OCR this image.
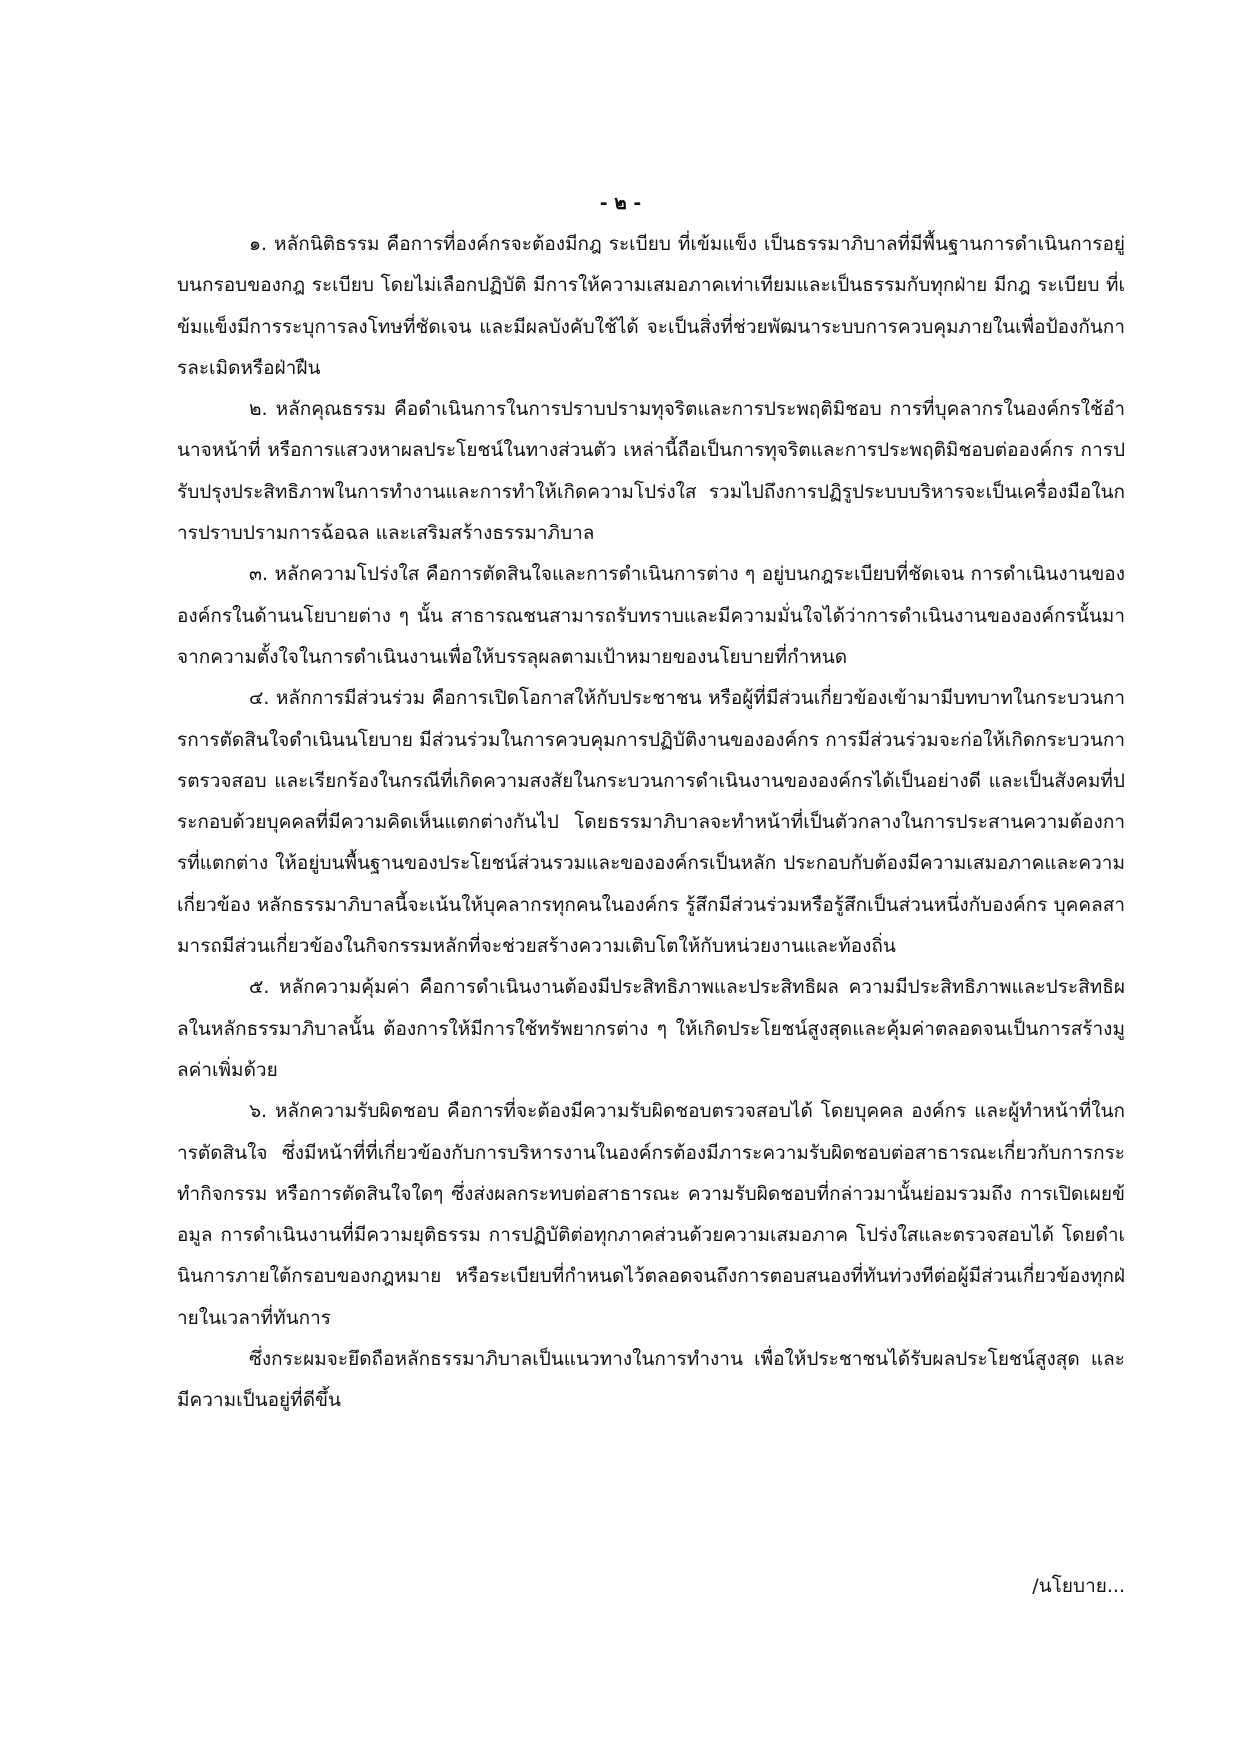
- ๒ -

๑. หลักนิติธรรม คือการที่องค์กรจะต้องมีกฎ ระเบียบ ที่เข้มแข็ง เป็นธรรมาภิบาลที่มีพื้นฐานการดำเนินการอยู่บนกรอบของกฎ ระเบียบ โดยไม่เลือกปฏิบัติ มีการให้ความเสมอภาคเท่าเทียมและเป็นธรรมกับทุกฝ่าย มีกฎ ระเบียบ ที่เข้มแข็งมีการระบุการลงโทษที่ชัดเจน และมีผลบังคับใช้ได้ จะเป็นสิ่งที่ช่วยพัฒนาระบบการควบคุมภายในเพื่อป้องกันการละเมิดหรือฝ่าฝืน

๒. หลักคุณธรรม คือดำเนินการในการปราบปรามทุจริตและการประพฤติมิชอบ การที่บุคลากรในองค์กรใช้อำนาจหน้าที่ หรือการแสวงหาผลประโยชน์ในทางส่วนตัว เหล่านี้ถือเป็นการทุจริตและการประพฤติมิชอบต่อองค์กร การปรับปรุงประสิทธิภาพในการทำงานและการทำให้เกิดความโปร่งใส รวมไปถึงการปฏิรูประบบบริหารจะเป็นเครื่องมือในการปราบปรามการฉ้อฉล และเสริมสร้างธรรมาภิบาล

๓. หลักความโปร่งใส คือการตัดสินใจและการดำเนินการต่าง ๆ อยู่บนกฎระเบียบที่ชัดเจน การดำเนินงานขององค์กรในด้านนโยบายต่าง ๆ นั้น สาธารณชนสามารถรับทราบและมีความมั่นใจได้ว่าการดำเนินงานขององค์กรนั้นมาจากความตั้งใจในการดำเนินงานเพื่อให้บรรลุผลตามเป้าหมายของนโยบายที่กำหนด

๔. หลักการมีส่วนร่วม คือการเปิดโอกาสให้กับประชาชน หรือผู้ที่มีส่วนเกี่ยวข้องเข้ามามีบทบาทในกระบวนการการตัดสินใจดำเนินนโยบาย มีส่วนร่วมในการควบคุมการปฏิบัติงานขององค์กร การมีส่วนร่วมจะก่อให้เกิดกระบวนการตรวจสอบ และเรียกร้องในกรณีที่เกิดความสงสัยในกระบวนการดำเนินงานขององค์กรได้เป็นอย่างดี และเป็นสังคมที่ประกอบด้วยบุคคลที่มีความคิดเห็นแตกต่างกันไป โดยธรรมาภิบาลจะทำหน้าที่เป็นตัวกลางในการประสานความต้องการที่แตกต่าง ให้อยู่บนพื้นฐานของประโยชน์ส่วนรวมและขององค์กรเป็นหลัก ประกอบกับต้องมีความเสมอภาคและความเกี่ยวข้อง หลักธรรมาภิบาลนี้จะเน้นให้บุคลากรทุกคนในองค์กร รู้สึกมีส่วนร่วมหรือรู้สึกเป็นส่วนหนึ่งกับองค์กร บุคคลสามารถมีส่วนเกี่ยวข้องในกิจกรรมหลักที่จะช่วยสร้างความเติบโตให้กับหน่วยงานและท้องถิ่น

๕. หลักความคุ้มค่า คือการดำเนินงานต้องมีประสิทธิภาพและประสิทธิผล ความมีประสิทธิภาพและประสิทธิผลในหลักธรรมาภิบาลนั้น ต้องการให้มีการใช้ทรัพยากรต่าง ๆ ให้เกิดประโยชน์สูงสุดและคุ้มค่าตลอดจนเป็นการสร้างมูลค่าเพิ่มด้วย

๖. หลักความรับผิดชอบ คือการที่จะต้องมีความรับผิดชอบตรวจสอบได้ โดยบุคคล องค์กร และผู้ทำหน้าที่ในการตัดสินใจ ซึ่งมีหน้าที่ที่เกี่ยวข้องกับการบริหารงานในองค์กรต้องมีภาระความรับผิดชอบต่อสาธารณะเกี่ยวกับการกระทำกิจกรรม หรือการตัดสินใจใดๆ ซึ่งส่งผลกระทบต่อสาธารณะ ความรับผิดชอบที่กล่าวมานั้นย่อมรวมถึง การเปิดเผยข้อมูล การดำเนินงานที่มีความยุติธรรม การปฏิบัติต่อทุกภาคส่วนด้วยความเสมอภาค โปร่งใสและตรวจสอบได้ โดยดำเนินการภายใต้กรอบของกฎหมาย หรือระเบียบที่กำหนดไว้ตลอดจนถึงการตอบสนองที่ทันท่วงทีต่อผู้มีส่วนเกี่ยวข้องทุกฝ่ายในเวลาที่ทันการ

ซึ่งกระผมจะยึดถือหลักธรรมาภิบาลเป็นแนวทางในการทำงาน เพื่อให้ประชาชนได้รับผลประโยชน์สูงสุด และมีความเป็นอยู่ที่ดีขึ้น

/นโยบาย...
